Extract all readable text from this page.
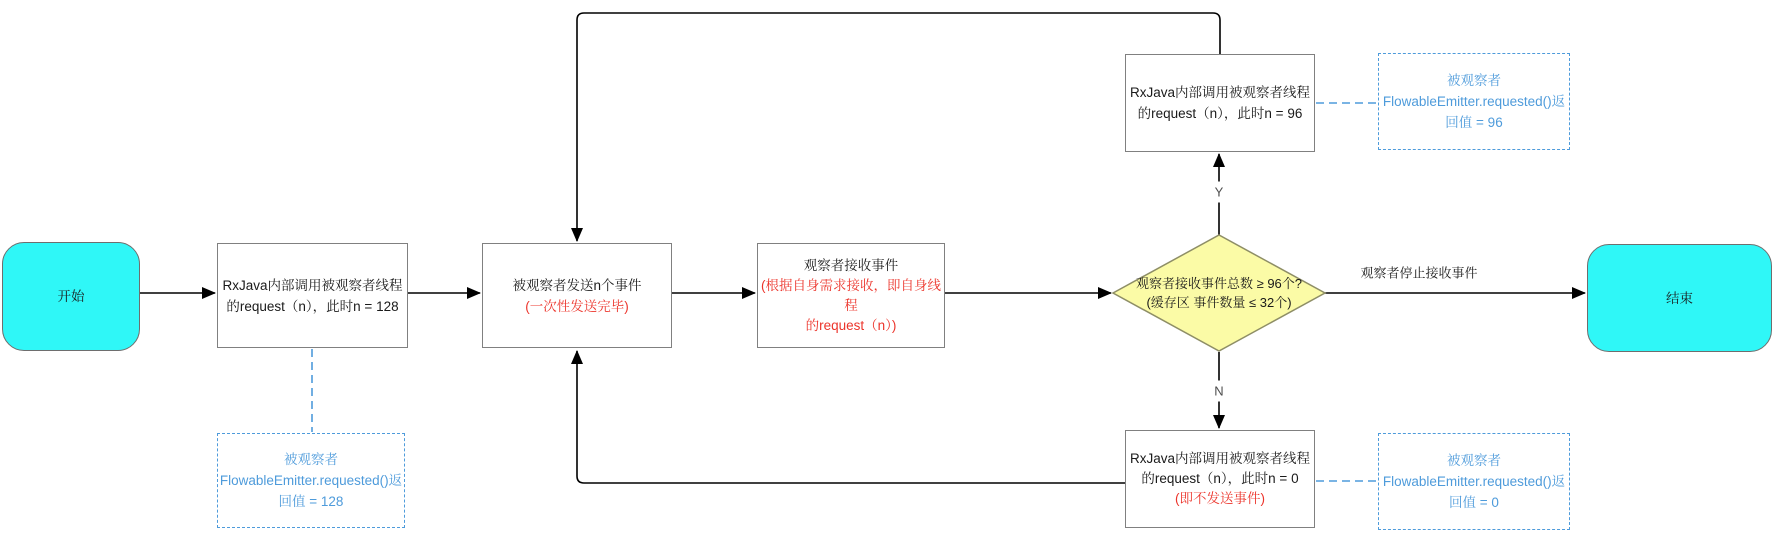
开始
RxJava内部调用被观察者线程
的request（n），此时n = 128
被观察者发送n个事件
(一次性发送完毕)
观察者接收事件
(根据自身需求接收，即自身线程
的request（n）)
观察者接收事件总数 ≥ 96个?
(缓存区 事件数量 ≤ 32个)
RxJava内部调用被观察者线程
的request（n），此时n = 96
RxJava内部调用被观察者线程
的request（n），此时n = 0
(即不发送事件)
结束
Y
N
观察者停止接收事件
被观察者
FlowableEmitter.requested()返
回值 = 128
被观察者
FlowableEmitter.requested()返
回值 = 96
被观察者
FlowableEmitter.requested()返
回值 = 0
